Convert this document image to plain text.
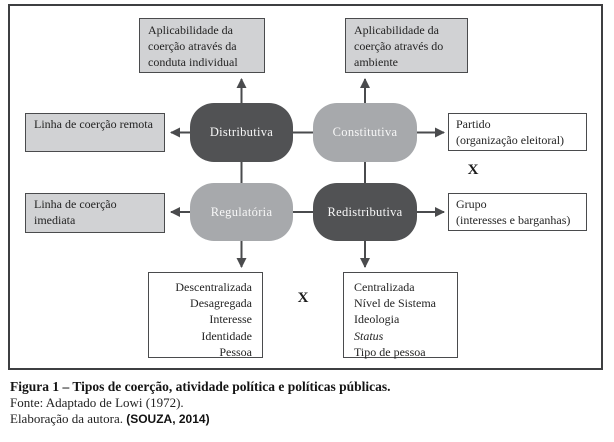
Aplicabilidade da coerção através da conduta individual
Aplicabilidade da coerção através do ambiente
Linha de coerção remota
Linha de coerção imediata
Distributiva	Constitutiva
Regulatória	Redistributiva
Partido
(organização eleitoral)
X
Grupo
(interesses e barganhas)
Descentralizada
Desagregada
Interesse
Identidade
Pessoa
X
Centralizada
Nível de Sistema
Ideologia
Status
Tipo de pessoa
Figura 1 – Tipos de coerção, atividade política e políticas públicas.
Fonte: Adaptado de Lowi (1972).
Elaboração da autora. (SOUZA, 2014)
